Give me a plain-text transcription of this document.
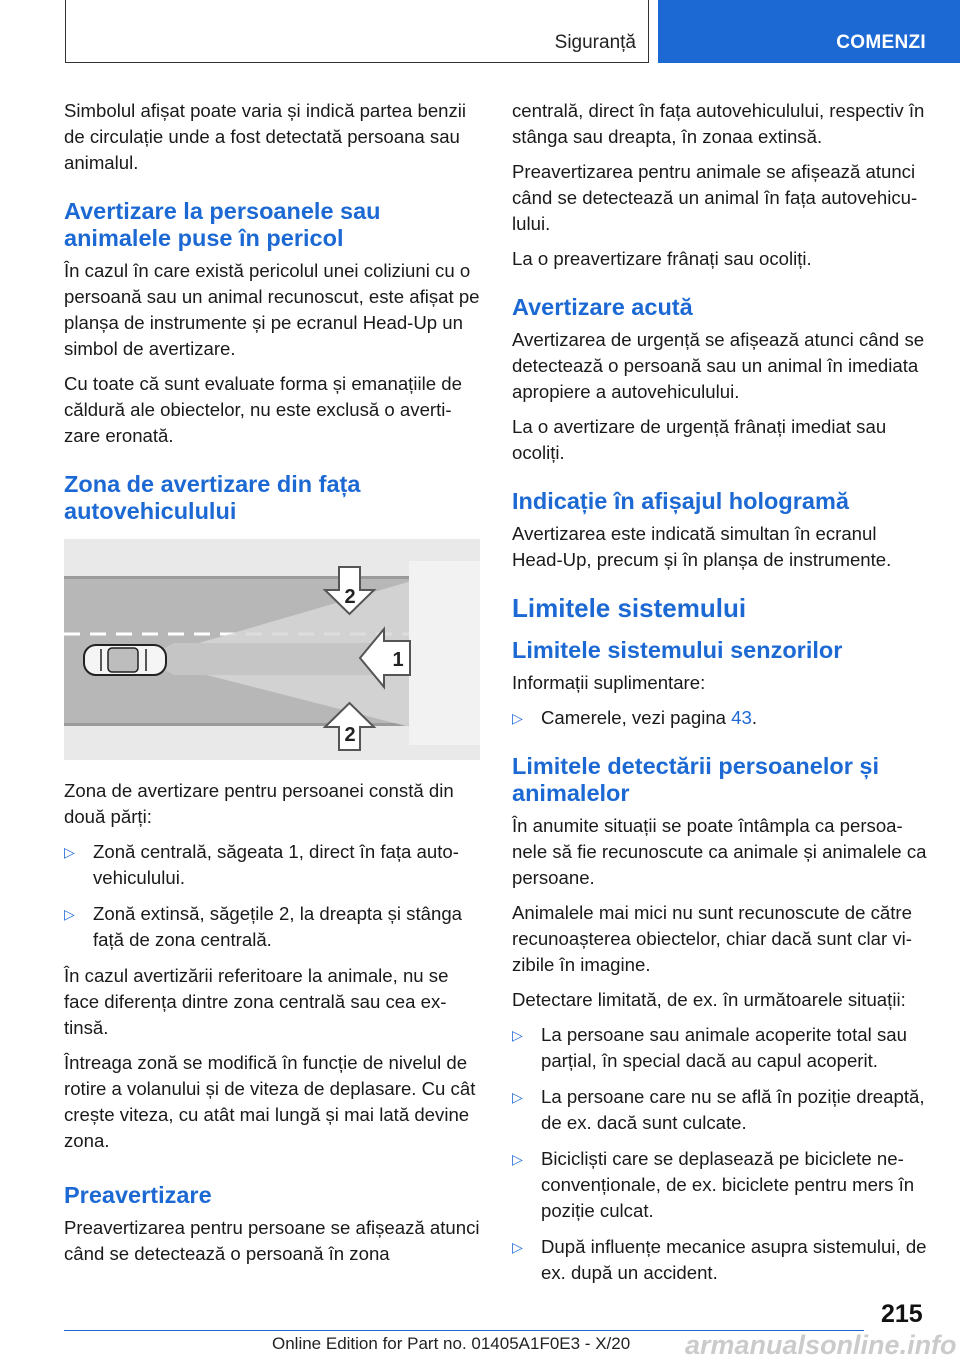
Siguranță	COMENZI

Simbolul afișat poate varia și indică partea benzii de circulație unde a fost detectată persoana sau animalul.

Avertizare la persoanele sau animalele puse în pericol

În cazul în care există pericolul unei coliziuni cu o persoană sau un animal recunoscut, este afișat pe planșa de instrumente și pe ecranul Head-Up un simbol de avertizare.

Cu toate că sunt evaluate forma și emanațiile de căldură ale obiectelor, nu este exclusă o averti-zare eronată.

Zona de avertizare din fața autovehiculului
2
1
2

Zona de avertizare pentru persoanei constă din două părți:

▷ Zonă centrală, săgeata 1, direct în fața auto-vehiculului.
▷ Zonă extinsă, săgețile 2, la dreapta și stânga față de zona centrală.

În cazul avertizării referitoare la animale, nu se face diferența dintre zona centrală sau cea ex-tinsă.

Întreaga zonă se modifică în funcție de nivelul de rotire a volanului și de viteza de deplasare. Cu cât crește viteza, cu atât mai lungă și mai lată devine zona.

Preavertizare

Preavertizarea pentru persoane se afișează atunci când se detectează o persoană în zona

centrală, direct în fața autovehiculului, respectiv în stânga sau dreapta, în zonaa extinsă.

Preavertizarea pentru animale se afișează atunci când se detectează un animal în fața autovehicu-lului.

La o preavertizare frânați sau ocoliți.

Avertizare acută

Avertizarea de urgență se afișează atunci când se detectează o persoană sau un animal în imediata apropiere a autovehiculului.

La o avertizare de urgență frânați imediat sau ocoliți.

Indicație în afișajul hologramă

Avertizarea este indicată simultan în ecranul Head-Up, precum și în planșa de instrumente.

Limitele sistemului
Limitele sistemului senzorilor

Informații suplimentare:

▷ Camerele, vezi pagina 43.
Limitele detectării persoanelor și animalelor

În anumite situații se poate întâmpla ca persoa-nele să fie recunoscute ca animale și animalele ca persoane.

Animalele mai mici nu sunt recunoscute de către recunoașterea obiectelor, chiar dacă sunt clar vi-zibile în imagine.

Detectare limitată, de ex. în următoarele situații:

▷ La persoane sau animale acoperite total sau parțial, în special dacă au capul acoperit.
▷ La persoane care nu se află în poziție dreaptă, de ex. dacă sunt culcate.
▷ Bicicliști care se deplasează pe biciclete ne-convenționale, de ex. biciclete pentru mers în poziție culcat.
▷ După influențe mecanice asupra sistemului, de ex. după un accident.
215
Online Edition for Part no. 01405A1F0E3 - X/20 armanualsonline.info
